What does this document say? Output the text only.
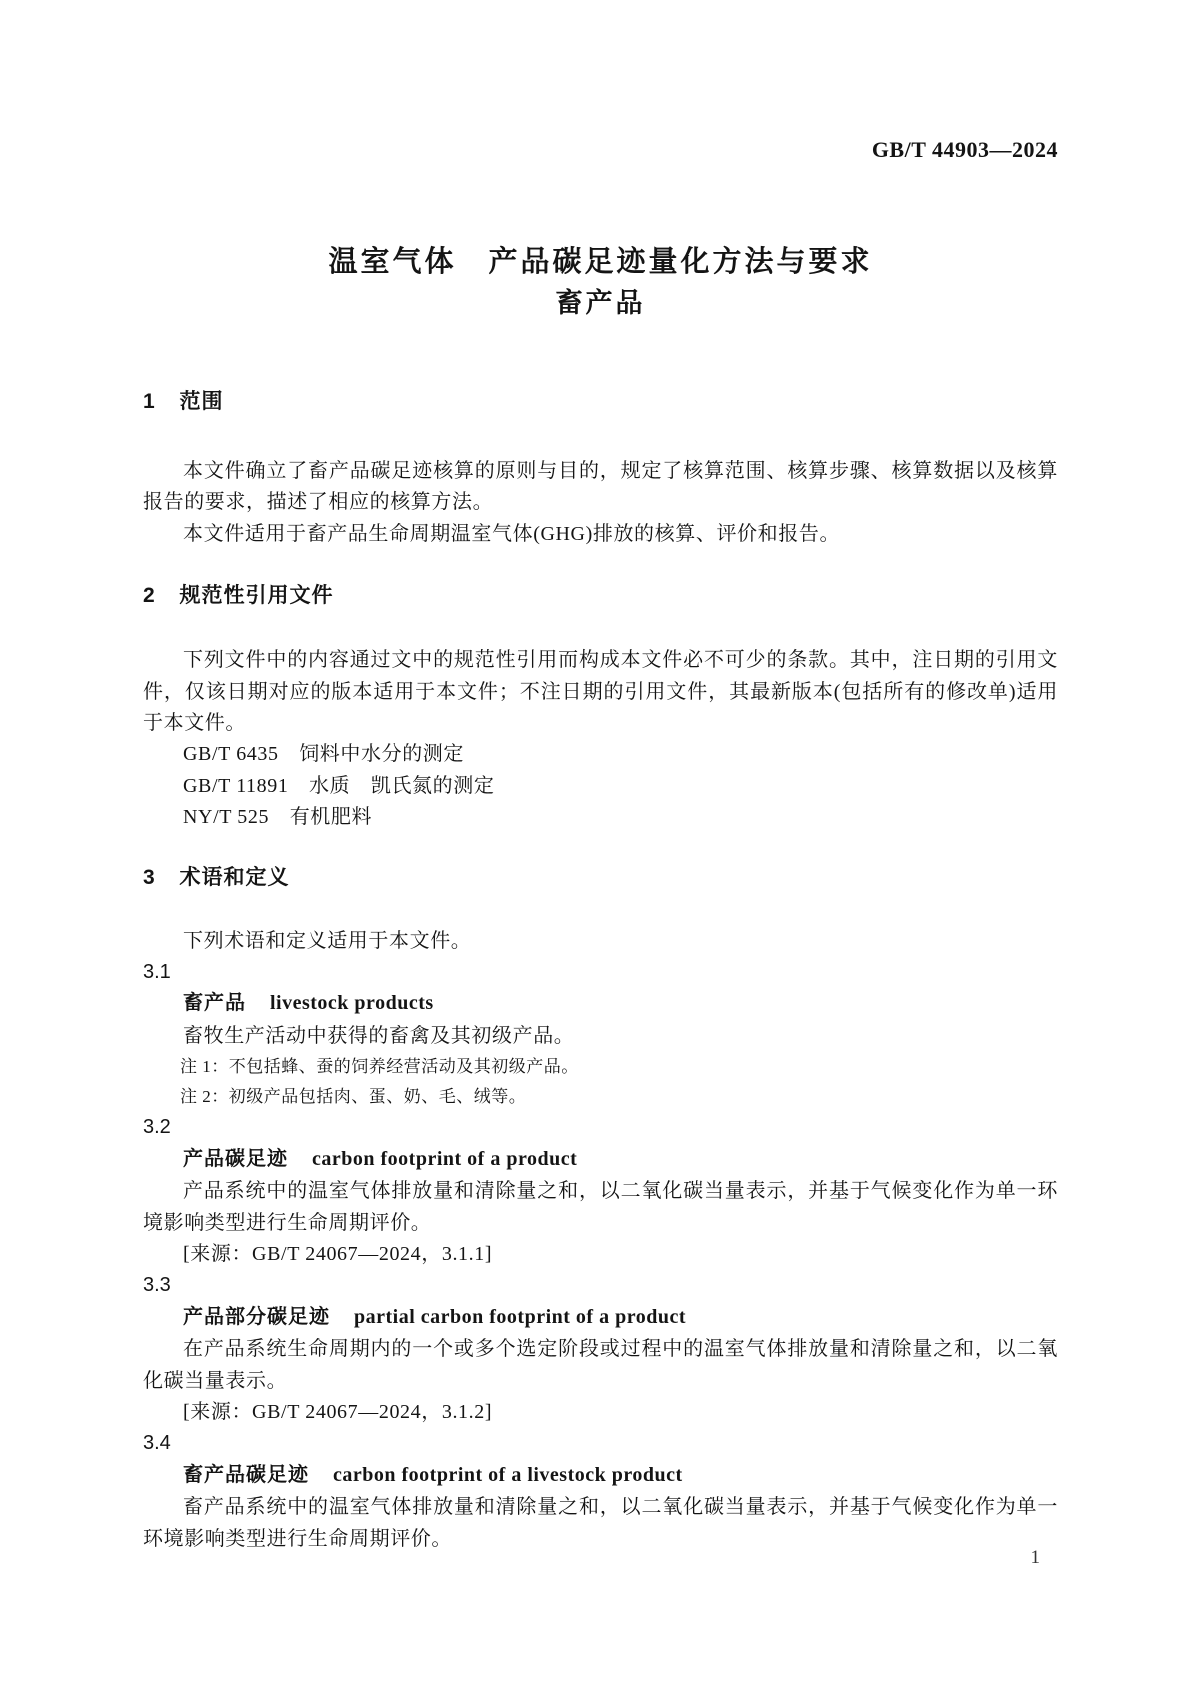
GB/T 44903—2024
温室气体　产品碳足迹量化方法与要求
畜产品
1 范围

本文件确立了畜产品碳足迹核算的原则与目的，规定了核算范围、核算步骤、核算数据以及核算报告的要求，描述了相应的核算方法。

本文件适用于畜产品生命周期温室气体(GHG)排放的核算、评价和报告。

2 规范性引用文件

下列文件中的内容通过文中的规范性引用而构成本文件必不可少的条款。其中，注日期的引用文件，仅该日期对应的版本适用于本文件；不注日期的引用文件，其最新版本(包括所有的修改单)适用于本文件。

GB/T 6435　饲料中水分的测定
GB/T 11891　水质　凯氏氮的测定
NY/T 525　有机肥料
3 术语和定义

下列术语和定义适用于本文件。

3.1
畜产品 livestock products

畜牧生产活动中获得的畜禽及其初级产品。

注 1：不包括蜂、蚕的饲养经营活动及其初级产品。
注 2：初级产品包括肉、蛋、奶、毛、绒等。
3.2
产品碳足迹 carbon footprint of a product

产品系统中的温室气体排放量和清除量之和，以二氧化碳当量表示，并基于气候变化作为单一环境影响类型进行生命周期评价。

[来源：GB/T 24067—2024，3.1.1]
3.3
产品部分碳足迹 partial carbon footprint of a product

在产品系统生命周期内的一个或多个选定阶段或过程中的温室气体排放量和清除量之和，以二氧化碳当量表示。

[来源：GB/T 24067—2024，3.1.2]
3.4
畜产品碳足迹 carbon footprint of a livestock product

畜产品系统中的温室气体排放量和清除量之和，以二氧化碳当量表示，并基于气候变化作为单一环境影响类型进行生命周期评价。

1
